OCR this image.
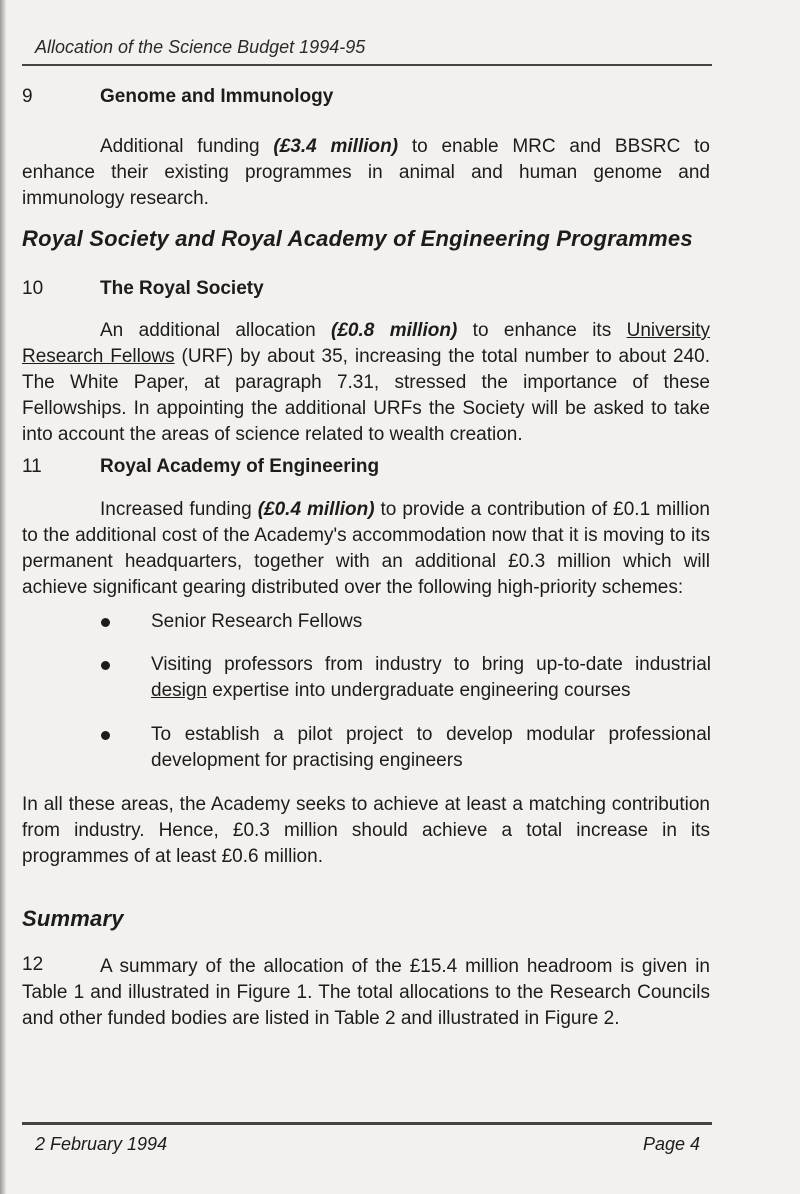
Allocation of the Science Budget 1994-95
9	Genome and Immunology
Additional funding (£3.4 million) to enable MRC and BBSRC to enhance their existing programmes in animal and human genome and immunology research.
Royal Society and Royal Academy of Engineering Programmes
10	The Royal Society
An additional allocation (£0.8 million) to enhance its University Research Fellows (URF) by about 35, increasing the total number to about 240. The White Paper, at paragraph 7.31, stressed the importance of these Fellowships. In appointing the additional URFs the Society will be asked to take into account the areas of science related to wealth creation.
11	Royal Academy of Engineering
Increased funding (£0.4 million) to provide a contribution of £0.1 million to the additional cost of the Academy's accommodation now that it is moving to its permanent headquarters, together with an additional £0.3 million which will achieve significant gearing distributed over the following high-priority schemes:
Senior Research Fellows
Visiting professors from industry to bring up-to-date industrial design expertise into undergraduate engineering courses
To establish a pilot project to develop modular professional development for practising engineers
In all these areas, the Academy seeks to achieve at least a matching contribution from industry. Hence, £0.3 million should achieve a total increase in its programmes of at least £0.6 million.
Summary
12	A summary of the allocation of the £15.4 million headroom is given in Table 1 and illustrated in Figure 1. The total allocations to the Research Councils and other funded bodies are listed in Table 2 and illustrated in Figure 2.
2 February 1994	Page 4
